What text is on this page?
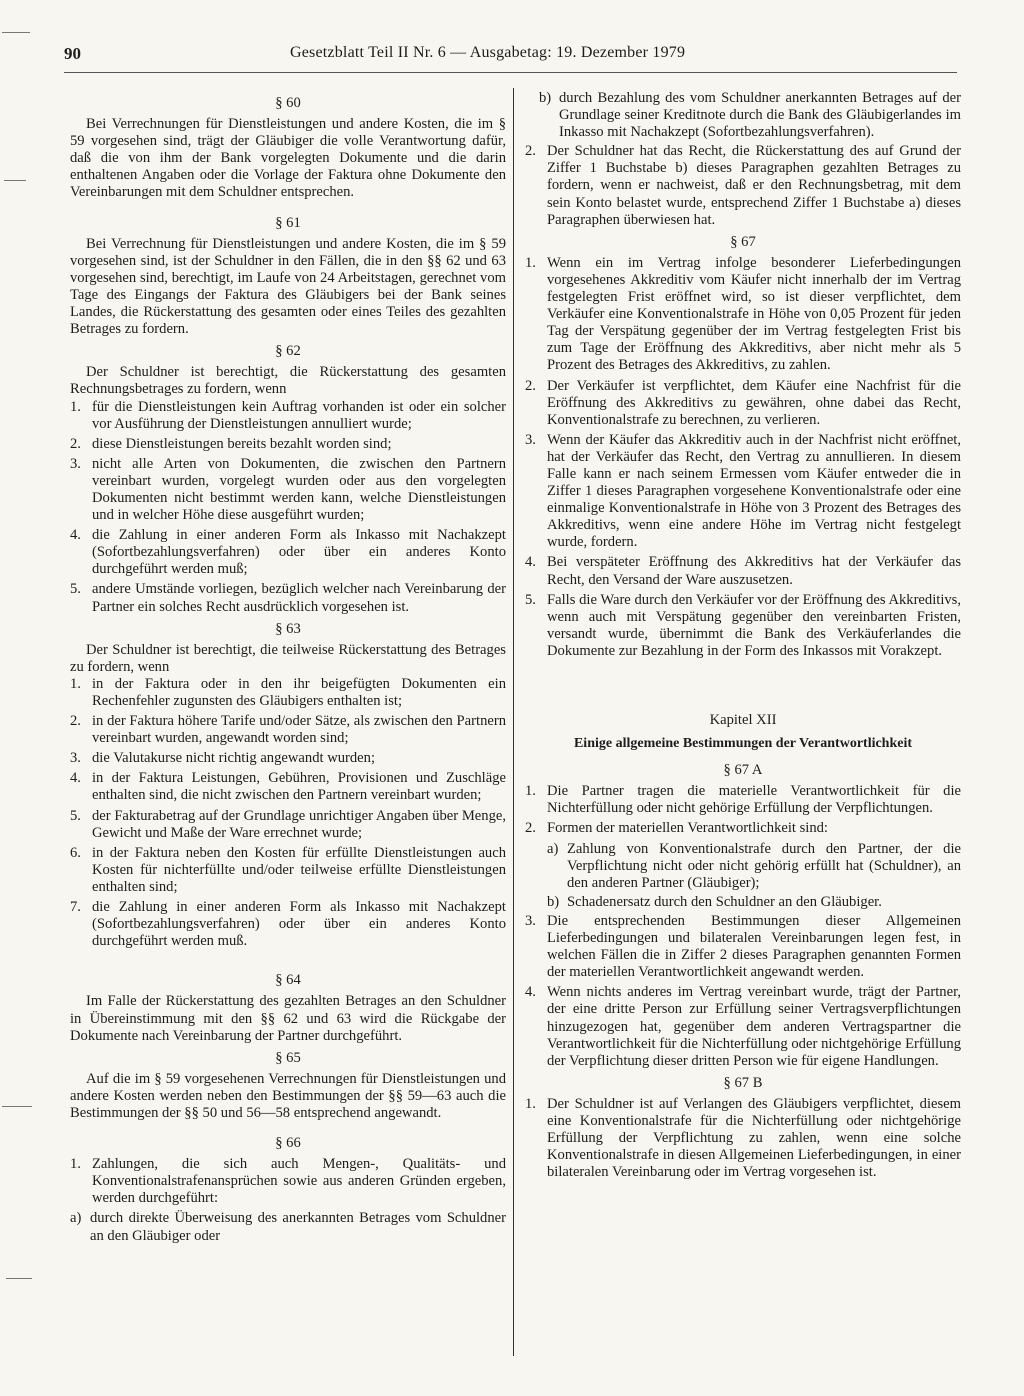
90	Gesetzblatt Teil II Nr. 6 — Ausgabetag: 19. Dezember 1979
§ 60

Bei Verrechnungen für Dienstleistungen und andere Kosten, die im § 59 vorgesehen sind, trägt der Gläubiger die volle Verantwortung dafür, daß die von ihm der Bank vorgelegten Dokumente und die darin enthaltenen Angaben oder die Vorlage der Faktura ohne Dokumente den Vereinbarungen mit dem Schuldner entsprechen.

§ 61

Bei Verrechnung für Dienstleistungen und andere Kosten, die im § 59 vorgesehen sind, ist der Schuldner in den Fällen, die in den §§ 62 und 63 vorgesehen sind, berechtigt, im Laufe von 24 Arbeitstagen, gerechnet vom Tage des Eingangs der Faktura des Gläubigers bei der Bank seines Landes, die Rückerstattung des gesamten oder eines Teiles des gezahlten Betrages zu fordern.

§ 62

Der Schuldner ist berechtigt, die Rückerstattung des gesamten Rechnungsbetrages zu fordern, wenn

1. für die Dienstleistungen kein Auftrag vorhanden ist oder ein solcher vor Ausführung der Dienstleistungen annulliert wurde;
2. diese Dienstleistungen bereits bezahlt worden sind;
3. nicht alle Arten von Dokumenten, die zwischen den Partnern vereinbart wurden, vorgelegt wurden oder aus den vorgelegten Dokumenten nicht bestimmt werden kann, welche Dienstleistungen und in welcher Höhe diese ausgeführt wurden;
4. die Zahlung in einer anderen Form als Inkasso mit Nachakzept (Sofortbezahlungsverfahren) oder über ein anderes Konto durchgeführt werden muß;
5. andere Umstände vorliegen, bezüglich welcher nach Vereinbarung der Partner ein solches Recht ausdrücklich vorgesehen ist.
§ 63

Der Schuldner ist berechtigt, die teilweise Rückerstattung des Betrages zu fordern, wenn

1. in der Faktura oder in den ihr beigefügten Dokumenten ein Rechenfehler zugunsten des Gläubigers enthalten ist;
2. in der Faktura höhere Tarife und/oder Sätze, als zwischen den Partnern vereinbart wurden, angewandt worden sind;
3. die Valutakurse nicht richtig angewandt wurden;
4. in der Faktura Leistungen, Gebühren, Provisionen und Zuschläge enthalten sind, die nicht zwischen den Partnern vereinbart wurden;
5. der Fakturabetrag auf der Grundlage unrichtiger Angaben über Menge, Gewicht und Maße der Ware errechnet wurde;
6. in der Faktura neben den Kosten für erfüllte Dienstleistungen auch Kosten für nichterfüllte und/oder teilweise erfüllte Dienstleistungen enthalten sind;
7. die Zahlung in einer anderen Form als Inkasso mit Nachakzept (Sofortbezahlungsverfahren) oder über ein anderes Konto durchgeführt werden muß.
§ 64

Im Falle der Rückerstattung des gezahlten Betrages an den Schuldner in Übereinstimmung mit den §§ 62 und 63 wird die Rückgabe der Dokumente nach Vereinbarung der Partner durchgeführt.

§ 65

Auf die im § 59 vorgesehenen Verrechnungen für Dienstleistungen und andere Kosten werden neben den Bestimmungen der §§ 59—63 auch die Bestimmungen der §§ 50 und 56—58 entsprechend angewandt.

§ 66
1. Zahlungen, die sich auch Mengen-, Qualitäts- und Konventionalstrafenansprüchen sowie aus anderen Gründen ergeben, werden durchgeführt:
a) durch direkte Überweisung des anerkannten Betrages vom Schuldner an den Gläubiger oder
b) durch Bezahlung des vom Schuldner anerkannten Betrages auf der Grundlage seiner Kreditnote durch die Bank des Gläubigerlandes im Inkasso mit Nachakzept (Sofortbezahlungsverfahren).
2. Der Schuldner hat das Recht, die Rückerstattung des auf Grund der Ziffer 1 Buchstabe b) dieses Paragraphen gezahlten Betrages zu fordern, wenn er nachweist, daß er den Rechnungsbetrag, mit dem sein Konto belastet wurde, entsprechend Ziffer 1 Buchstabe a) dieses Paragraphen überwiesen hat.
§ 67
1. Wenn ein im Vertrag infolge besonderer Lieferbedingungen vorgesehenes Akkreditiv vom Käufer nicht innerhalb der im Vertrag festgelegten Frist eröffnet wird, so ist dieser verpflichtet, dem Verkäufer eine Konventionalstrafe in Höhe von 0,05 Prozent für jeden Tag der Verspätung gegenüber der im Vertrag festgelegten Frist bis zum Tage der Eröffnung des Akkreditivs, aber nicht mehr als 5 Prozent des Betrages des Akkreditivs, zu zahlen.
2. Der Verkäufer ist verpflichtet, dem Käufer eine Nachfrist für die Eröffnung des Akkreditivs zu gewähren, ohne dabei das Recht, Konventionalstrafe zu berechnen, zu verlieren.
3. Wenn der Käufer das Akkreditiv auch in der Nachfrist nicht eröffnet, hat der Verkäufer das Recht, den Vertrag zu annullieren. In diesem Falle kann er nach seinem Ermessen vom Käufer entweder die in Ziffer 1 dieses Paragraphen vorgesehene Konventionalstrafe oder eine einmalige Konventionalstrafe in Höhe von 3 Prozent des Betrages des Akkreditivs, wenn eine andere Höhe im Vertrag nicht festgelegt wurde, fordern.
4. Bei verspäteter Eröffnung des Akkreditivs hat der Verkäufer das Recht, den Versand der Ware auszusetzen.
5. Falls die Ware durch den Verkäufer vor der Eröffnung des Akkreditivs, wenn auch mit Verspätung gegenüber den vereinbarten Fristen, versandt wurde, übernimmt die Bank des Verkäuferlandes die Dokumente zur Bezahlung in der Form des Inkassos mit Vorakzept.
Kapitel XII
Einige allgemeine Bestimmungen der Verantwortlichkeit
§ 67 A
1. Die Partner tragen die materielle Verantwortlichkeit für die Nichterfüllung oder nicht gehörige Erfüllung der Verpflichtungen.
2. Formen der materiellen Verantwortlichkeit sind:
a) Zahlung von Konventionalstrafe durch den Partner, der die Verpflichtung nicht oder nicht gehörig erfüllt hat (Schuldner), an den anderen Partner (Gläubiger);
b) Schadenersatz durch den Schuldner an den Gläubiger.
3. Die entsprechenden Bestimmungen dieser Allgemeinen Lieferbedingungen und bilateralen Vereinbarungen legen fest, in welchen Fällen die in Ziffer 2 dieses Paragraphen genannten Formen der materiellen Verantwortlichkeit angewandt werden.
4. Wenn nichts anderes im Vertrag vereinbart wurde, trägt der Partner, der eine dritte Person zur Erfüllung seiner Vertragsverpflichtungen hinzugezogen hat, gegenüber dem anderen Vertragspartner die Verantwortlichkeit für die Nichterfüllung oder nichtgehörige Erfüllung der Verpflichtung dieser dritten Person wie für eigene Handlungen.
§ 67 B
1. Der Schuldner ist auf Verlangen des Gläubigers verpflichtet, diesem eine Konventionalstrafe für die Nichterfüllung oder nichtgehörige Erfüllung der Verpflichtung zu zahlen, wenn eine solche Konventionalstrafe in diesen Allgemeinen Lieferbedingungen, in einer bilateralen Vereinbarung oder im Vertrag vorgesehen ist.
